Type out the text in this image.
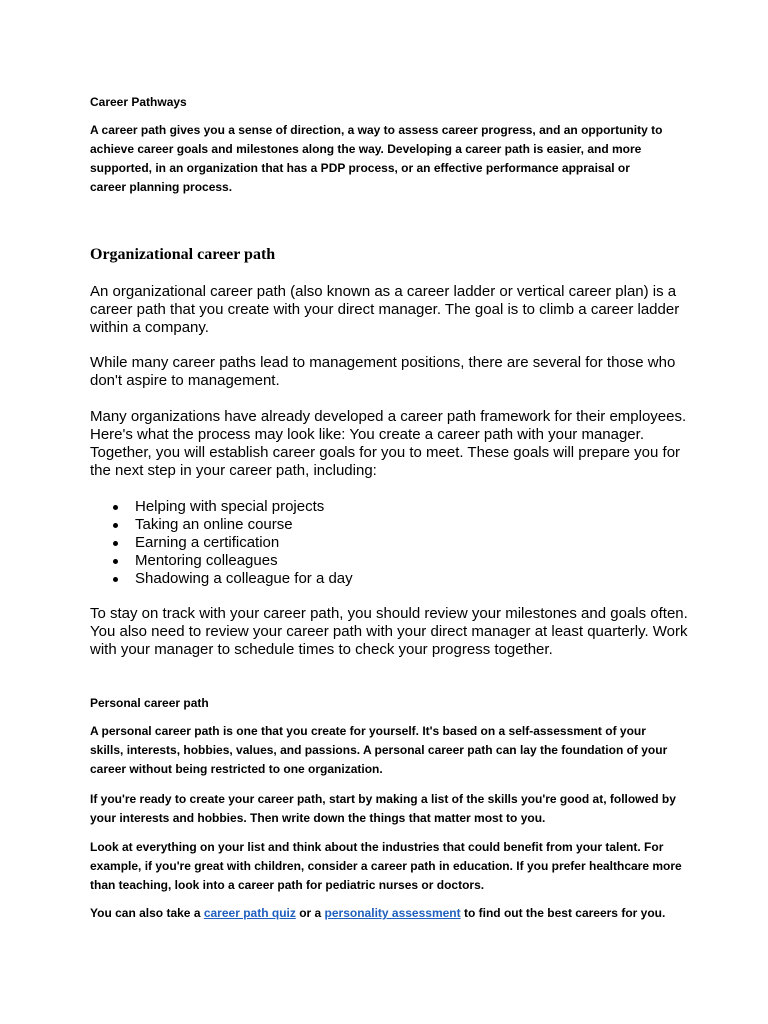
Career Pathways

A career path gives you a sense of direction, a way to assess career progress, and an opportunity to achieve career goals and milestones along the way. Developing a career path is easier, and more supported, in an organization that has a PDP process, or an effective performance appraisal or career planning process.

Organizational career path

An organizational career path (also known as a career ladder or vertical career plan) is a career path that you create with your direct manager. The goal is to climb a career ladder within a company.

While many career paths lead to management positions, there are several for those who don't aspire to management.

Many organizations have already developed a career path framework for their employees. Here's what the process may look like: You create a career path with your manager. Together, you will establish career goals for you to meet. These goals will prepare you for the next step in your career path, including:

Helping with special projects
Taking an online course
Earning a certification
Mentoring colleagues
Shadowing a colleague for a day

To stay on track with your career path, you should review your milestones and goals often. You also need to review your career path with your direct manager at least quarterly. Work with your manager to schedule times to check your progress together.

Personal career path

A personal career path is one that you create for yourself. It's based on a self-assessment of your skills, interests, hobbies, values, and passions. A personal career path can lay the foundation of your career without being restricted to one organization.

If you're ready to create your career path, start by making a list of the skills you're good at, followed by your interests and hobbies. Then write down the things that matter most to you.

Look at everything on your list and think about the industries that could benefit from your talent. For example, if you're great with children, consider a career path in education. If you prefer healthcare more than teaching, look into a career path for pediatric nurses or doctors.

You can also take a career path quiz or a personality assessment to find out the best careers for you.
